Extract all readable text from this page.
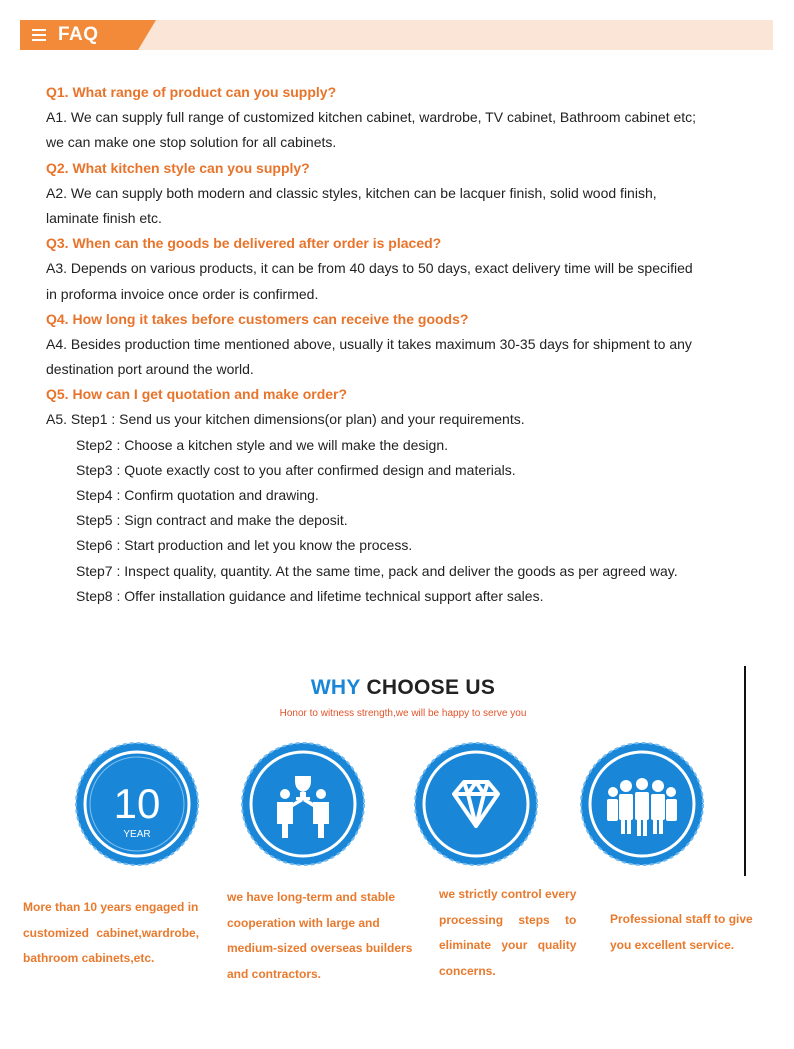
FAQ
Q1. What range of product can you supply?
A1. We can supply full range of customized kitchen cabinet, wardrobe, TV cabinet, Bathroom cabinet etc;
we can make one stop solution for all cabinets.
Q2. What kitchen style can you supply?
A2. We can supply both modern and classic styles, kitchen can be lacquer finish, solid wood finish,
laminate finish etc.
Q3. When can the goods be delivered after order is placed?
A3. Depends on various products, it can be from 40 days to 50 days, exact delivery time will be specified
in proforma invoice once order is confirmed.
Q4. How long it takes before customers can receive the goods?
A4. Besides production time mentioned above, usually it takes maximum 30-35 days for shipment to any
destination port around the world.
Q5. How can I get quotation and make order?
A5. Step1 : Send us your kitchen dimensions(or plan) and your requirements.
Step2 : Choose a kitchen style and we will make the design.
Step3 : Quote exactly cost to you after confirmed design and materials.
Step4 : Confirm quotation and drawing.
Step5 : Sign contract and make the deposit.
Step6 : Start production and let you know the process.
Step7 : Inspect quality, quantity. At the same time, pack and deliver the goods as per agreed way.
Step8 : Offer installation guidance and lifetime technical support after sales.
WHY CHOOSE US
Honor to witness strength,we will be happy to serve you
10
YEAR
More than 10 years engaged in
customized cabinet,wardrobe,
bathroom cabinets,etc.
we have long-term and stable
cooperation with large and
medium-sized overseas builders
and contractors.
we strictly control every
processing steps to
eliminate your quality
concerns.
Professional staff to give
you excellent service.
